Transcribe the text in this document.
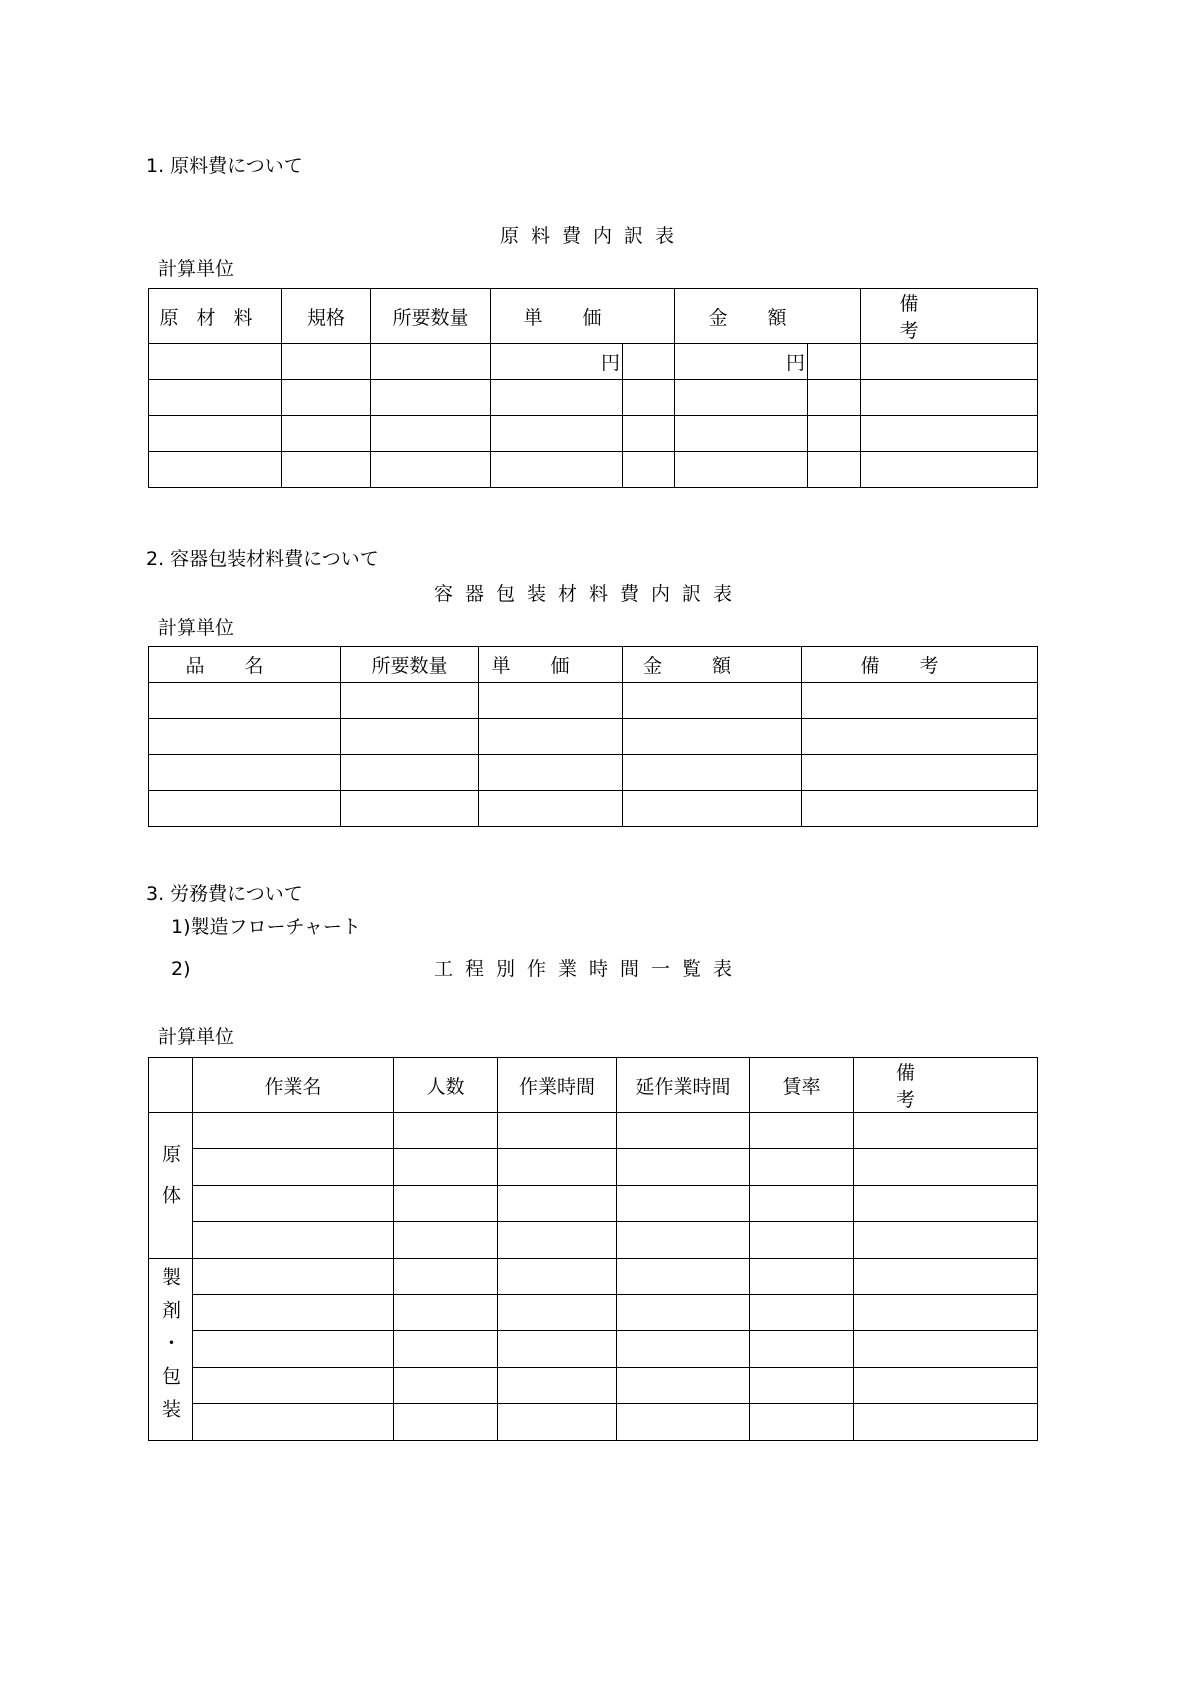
1. 原料費について
原料費内訳表
計算単位
原材料	規格	所要数量	単価		金額		備考
			円		円		

2. 容器包装材料費について
容器包装材料費内訳表
計算単位
品名	所要数量	単価	金額	備考

3. 労務費について
1)製造フローチャート
2)	工程別作業時間一覧表
計算単位
	作業名	人数	作業時間	延作業時間	賃率	備考

原体						

製剤・包装						
